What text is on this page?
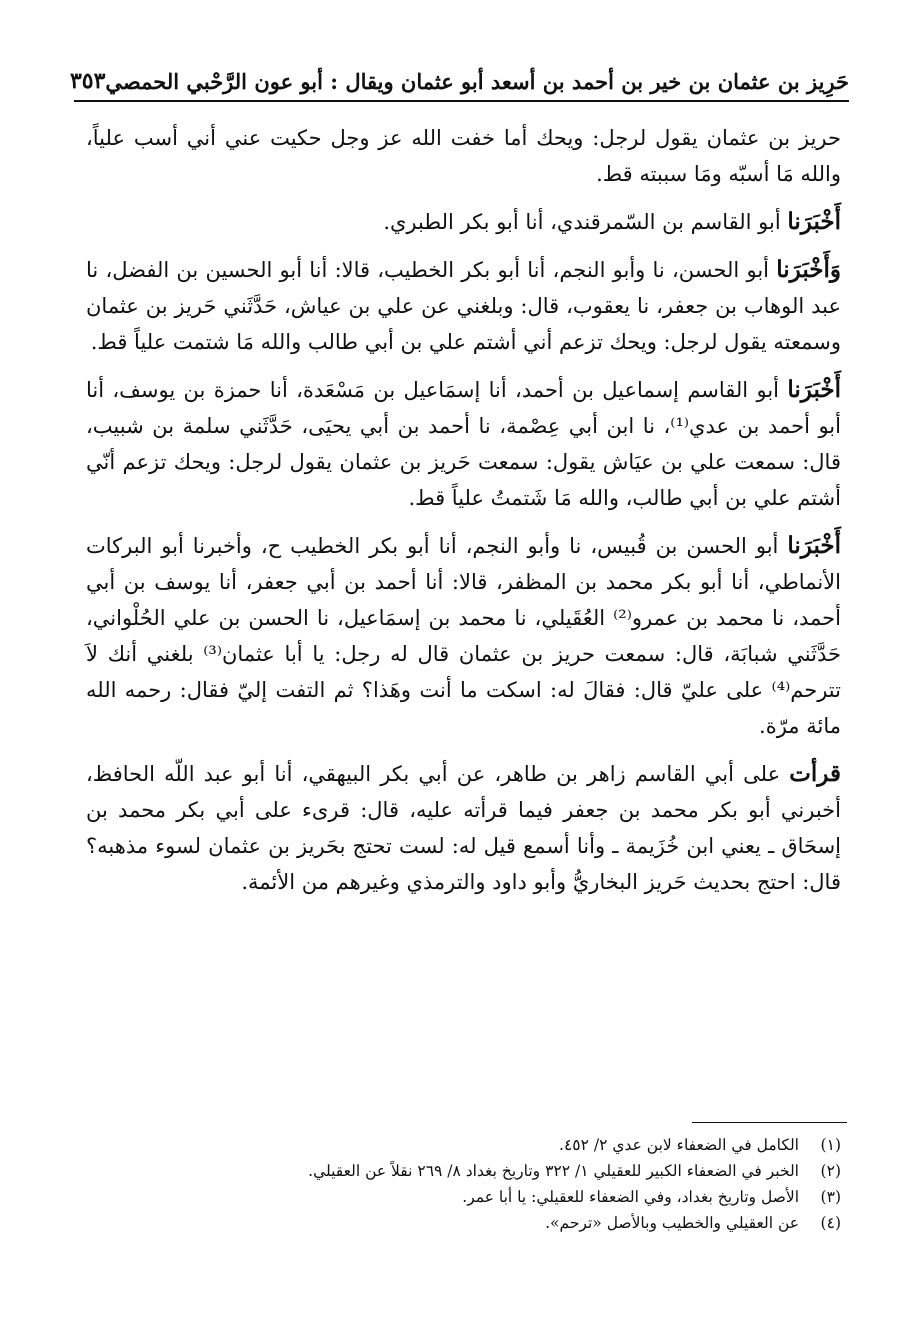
حَرِيز بن عثمان بن خير بن أحمد بن أسعد أبو عثمان ويقال : أبو عون الرَّحْبي الحمصي
٣٥٣

حريز بن عثمان يقول لرجل: ويحك أما خفت الله عز وجل حكيت عني أني أسب علياً، والله مَا أسبّه ومَا سببته قط.

أَخْبَرَنا أبو القاسم بن السّمرقندي، أنا أبو بكر الطبري.

وَأَخْبَرَنا أبو الحسن، نا وأبو النجم، أنا أبو بكر الخطيب، قالا: أنا أبو الحسين بن الفضل، نا عبد الوهاب بن جعفر، نا يعقوب، قال: وبلغني عن علي بن عياش، حَدَّثَني حَريز بن عثمان وسمعته يقول لرجل: ويحك تزعم أني أشتم علي بن أبي طالب والله مَا شتمت علياً قط.

أَخْبَرَنا أبو القاسم إسماعيل بن أحمد، أنا إسمَاعيل بن مَسْعَدة، أنا حمزة بن يوسف، أنا أبو أحمد بن عدي⁽¹⁾، نا ابن أبي عِصْمة، نا أحمد بن أبي يحيَى، حَدَّثَني سلمة بن شبيب، قال: سمعت علي بن عيَاش يقول: سمعت حَريز بن عثمان يقول لرجل: ويحك تزعم أنّي أشتم علي بن أبي طالب، والله مَا شَتمتُ علياً قط.

أَخْبَرَنا أبو الحسن بن قُبيس، نا وأبو النجم، أنا أبو بكر الخطيب ح، وأخبرنا أبو البركات الأنماطي، أنا أبو بكر محمد بن المظفر، قالا: أنا أحمد بن أبي جعفر، أنا يوسف بن أبي أحمد، نا محمد بن عمرو⁽²⁾ العُقَيلي، نا محمد بن إسمَاعيل، نا الحسن بن علي الحُلْواني، حَدَّثَني شبابَة، قال: سمعت حريز بن عثمان قال له رجل: يا أبا عثمان⁽³⁾ بلغني أنك لاَ تترحم⁽⁴⁾ على عليّ قال: فقالَ له: اسكت ما أنت وهَذا؟ ثم التفت إليّ فقال: رحمه الله مائة مرّة.

قرأت على أبي القاسم زاهر بن طاهر، عن أبي بكر البيهقي، أنا أبو عبد اللّه الحافظ، أخبرني أبو بكر محمد بن جعفر فيما قرأته عليه، قال: قرىء على أبي بكر محمد بن إسحَاق ـ يعني ابن خُزَيمة ـ وأنا أسمع قيل له: لست تحتج بحَريز بن عثمان لسوء مذهبه؟ قال: احتج بحديث حَريز البخاريُّ وأبو داود والترمذي وغيرهم من الأئمة.

(١)
الكامل في الضعفاء لابن عدي ٢/ ٤٥٢.
(٢)
الخبر في الضعفاء الكبير للعقيلي ١/ ٣٢٢ وتاريخ بغداد ٨/ ٢٦٩ نقلاً عن العقيلي.
(٣)
الأصل وتاريخ بغداد، وفي الضعفاء للعقيلي: يا أبا عمر.
(٤)
عن العقيلي والخطيب وبالأصل «ترحم».
